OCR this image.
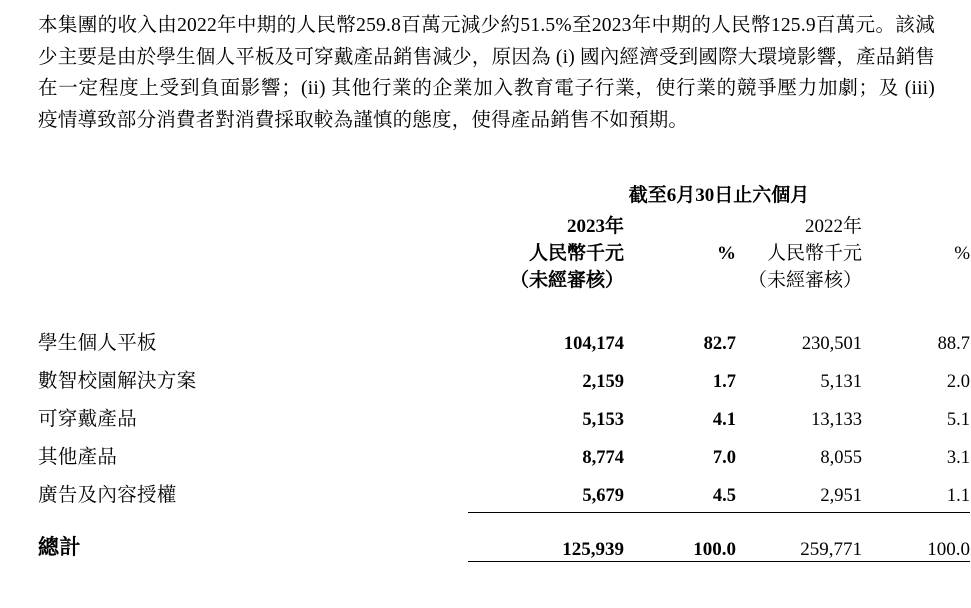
本集團的收入由2022年中期的人民幣259.8百萬元減少約51.5%至2023年中期的人民幣125.9百萬元。該減少主要是由於學生個人平板及可穿戴產品銷售減少，原因為 (i) 國內經濟受到國際大環境影響，產品銷售在一定程度上受到負面影響；(ii) 其他行業的企業加入教育電子行業，使行業的競爭壓力加劇；及 (iii) 疫情導致部分消費者對消費採取較為謹慎的態度，使得產品銷售不如預期。

	截至6月30日止六個月			

	2023年
人民幣千元
（未經審核）	%	2022年
人民幣千元
（未經審核）	%

學生個人平板	104,174	82.7	230,501	88.7
數智校園解決方案	2,159	1.7	5,131	2.0
可穿戴產品	5,153	4.1	13,133	5.1
其他產品	8,774	7.0	8,055	3.1
廣告及內容授權	5,679	4.5	2,951	1.1

總計	125,939	100.0	259,771	100.0
